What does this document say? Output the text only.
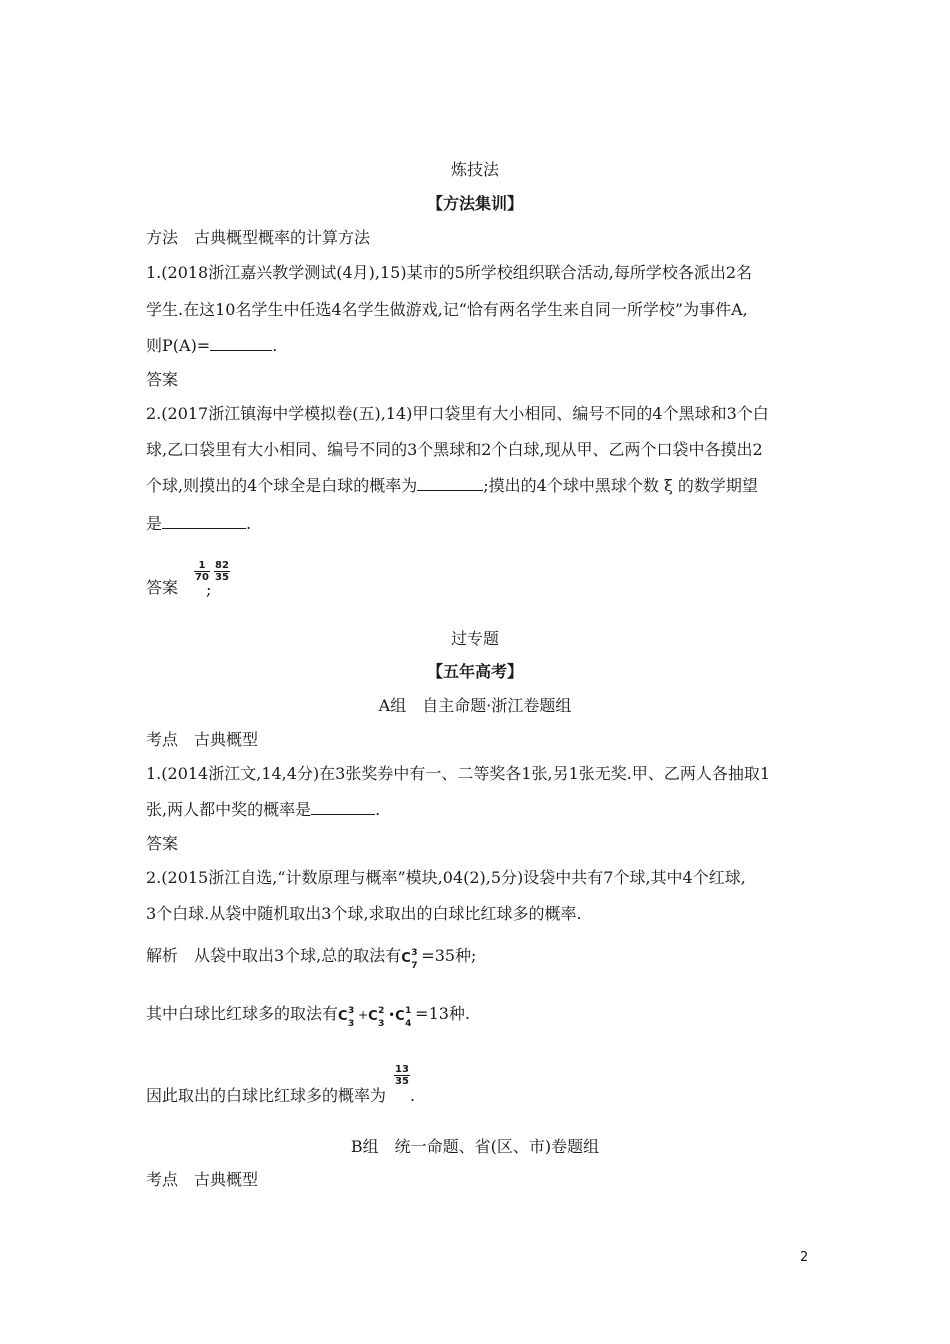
炼技法
【方法集训】
方法　古典概型概率的计算方法
1.(2018浙江嘉兴教学测试(4月),15)某市的5所学校组织联合活动,每所学校各派出2名
学生.在这10名学生中任选4名学生做游戏,记“恰有两名学生来自同一所学校”为事件A,
则P(A)=	.
答案
2.(2017浙江镇海中学模拟卷(五),14)甲口袋里有大小相同、编号不同的4个黑球和3个白
球,乙口袋里有大小相同、编号不同的3个黑球和2个白球,现从甲、乙两个口袋中各摸出2
个球,则摸出的4个球全是白球的概率为	;摸出的4个球中黑球个数 ξ 的数学期望
是	.
答案
$\frac{1}{70}$
;
$\frac{82}{35}$
过专题
【五年高考】
A组　自主命题·浙江卷题组
考点　古典概型
1.(2014浙江文,14,4分)在3张奖券中有一、二等奖各1张,另1张无奖.甲、乙两人各抽取1
张,两人都中奖的概率是	.
答案
2.(2015浙江自选,“计数原理与概率”模块,04(2),5分)设袋中共有7个球,其中4个红球,
3个白球.从袋中随机取出3个球,求取出的白球比红球多的概率.
解析　从袋中取出3个球,总的取法有 C 3
7
=35种;
其中白球比红球多的取法有 C 3
3
+ C 2
3
• C 1
4
=13种.
因此取出的白球比红球多的概率为
$\frac{13}{35}$
.
B组　统一命题、省(区、市)卷题组
考点　古典概型
2
